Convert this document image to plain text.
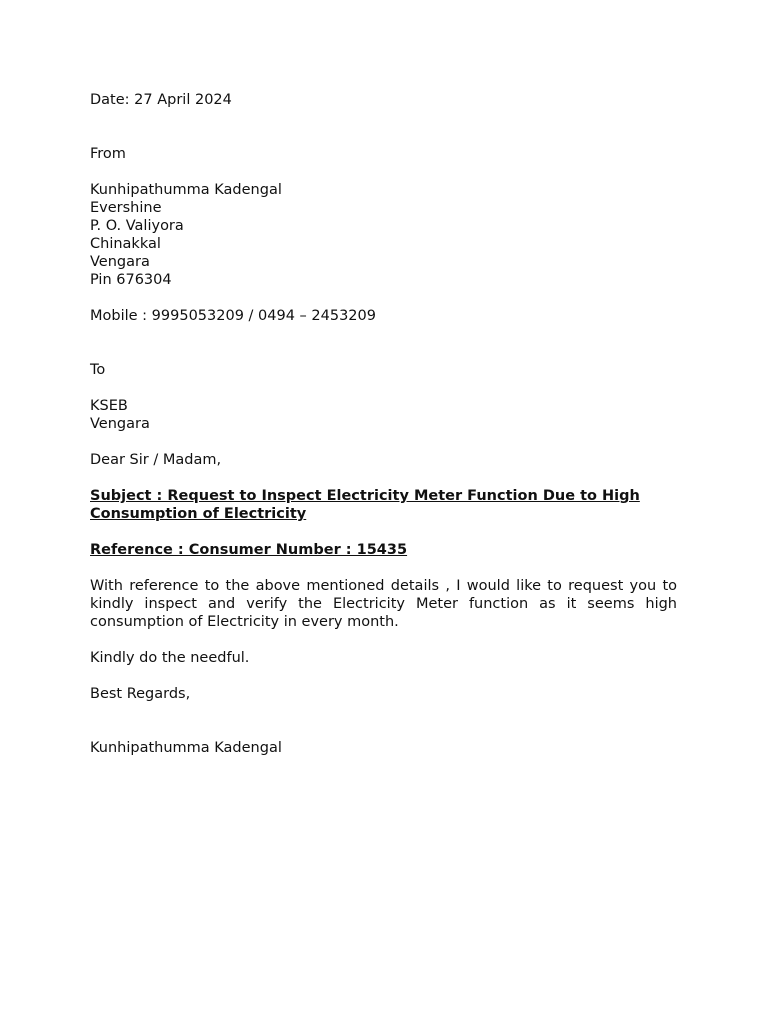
Date: 27 April 2024
From
Kunhipathumma Kadengal
Evershine
P. O. Valiyora
Chinakkal
Vengara
Pin 676304
Mobile : 9995053209 / 0494 – 2453209
To
KSEB
Vengara
Dear Sir / Madam,
Subject : Request to Inspect Electricity Meter Function Due to High Consumption of Electricity
Reference : Consumer Number : 15435
With reference to the above mentioned details , I would like to request you to kindly inspect and verify the Electricity Meter function as it seems high consumption of Electricity in every month.
Kindly do the needful.
Best Regards,
Kunhipathumma Kadengal
